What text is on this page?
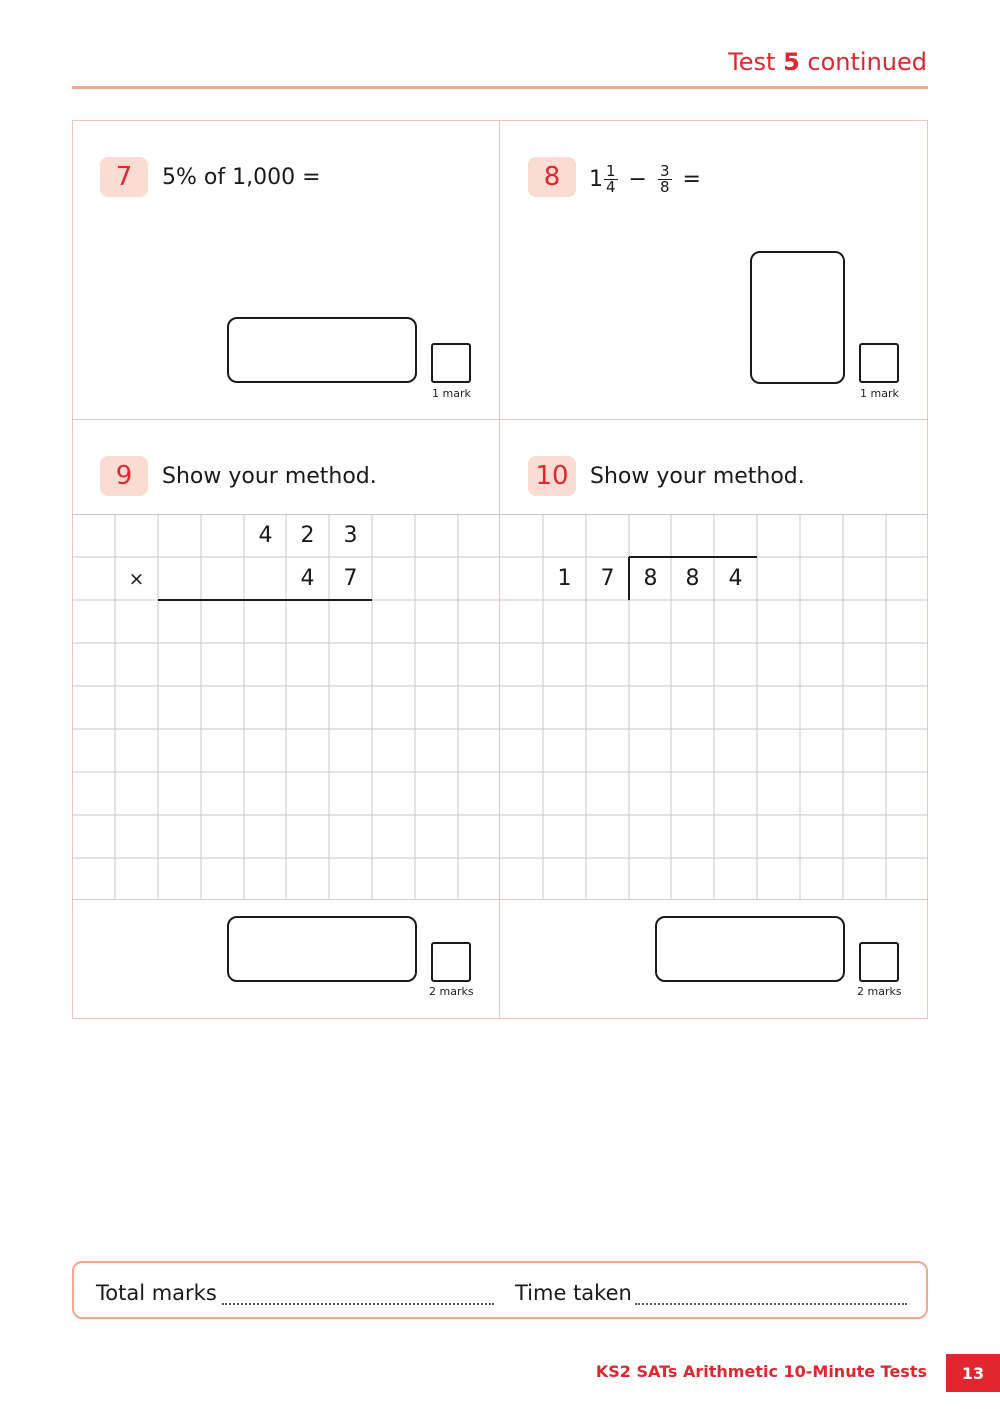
Test 5 continued
7	5% of 1,000 =
1 mark
8	$1 \frac{1}{4} - \frac{3}{8}$ =
1 mark
9	Show your method.
4	2	3
×	4	7
2 marks
10 Show your method.
1	7	8	8	4
2 marks
Total marks	Time taken
KS2 SATs Arithmetic 10-Minute Tests	13
